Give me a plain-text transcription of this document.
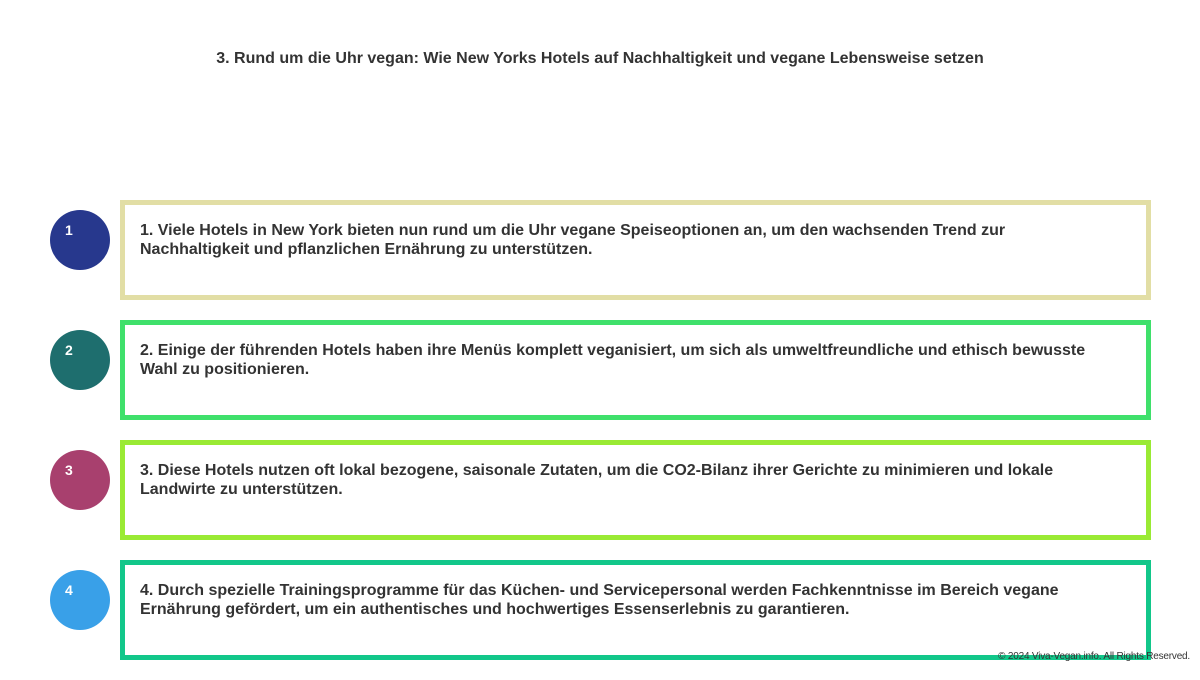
3. Rund um die Uhr vegan: Wie New Yorks Hotels auf Nachhaltigkeit und vegane Lebensweise setzen
1	1. Viele Hotels in New York bieten nun rund um die Uhr vegane Speiseoptionen an, um den wachsenden Trend zur Nachhaltigkeit und pflanzlichen Ernährung zu unterstützen.
2	2. Einige der führenden Hotels haben ihre Menüs komplett veganisiert, um sich als umweltfreundliche und ethisch bewusste Wahl zu positionieren.
3	3. Diese Hotels nutzen oft lokal bezogene, saisonale Zutaten, um die CO2-Bilanz ihrer Gerichte zu minimieren und lokale Landwirte zu unterstützen.
4	4. Durch spezielle Trainingsprogramme für das Küchen- und Servicepersonal werden Fachkenntnisse im Bereich vegane Ernährung gefördert, um ein authentisches und hochwertiges Essenserlebnis zu garantieren.
© 2024 Viva-Vegan.info. All Rights Reserved.
